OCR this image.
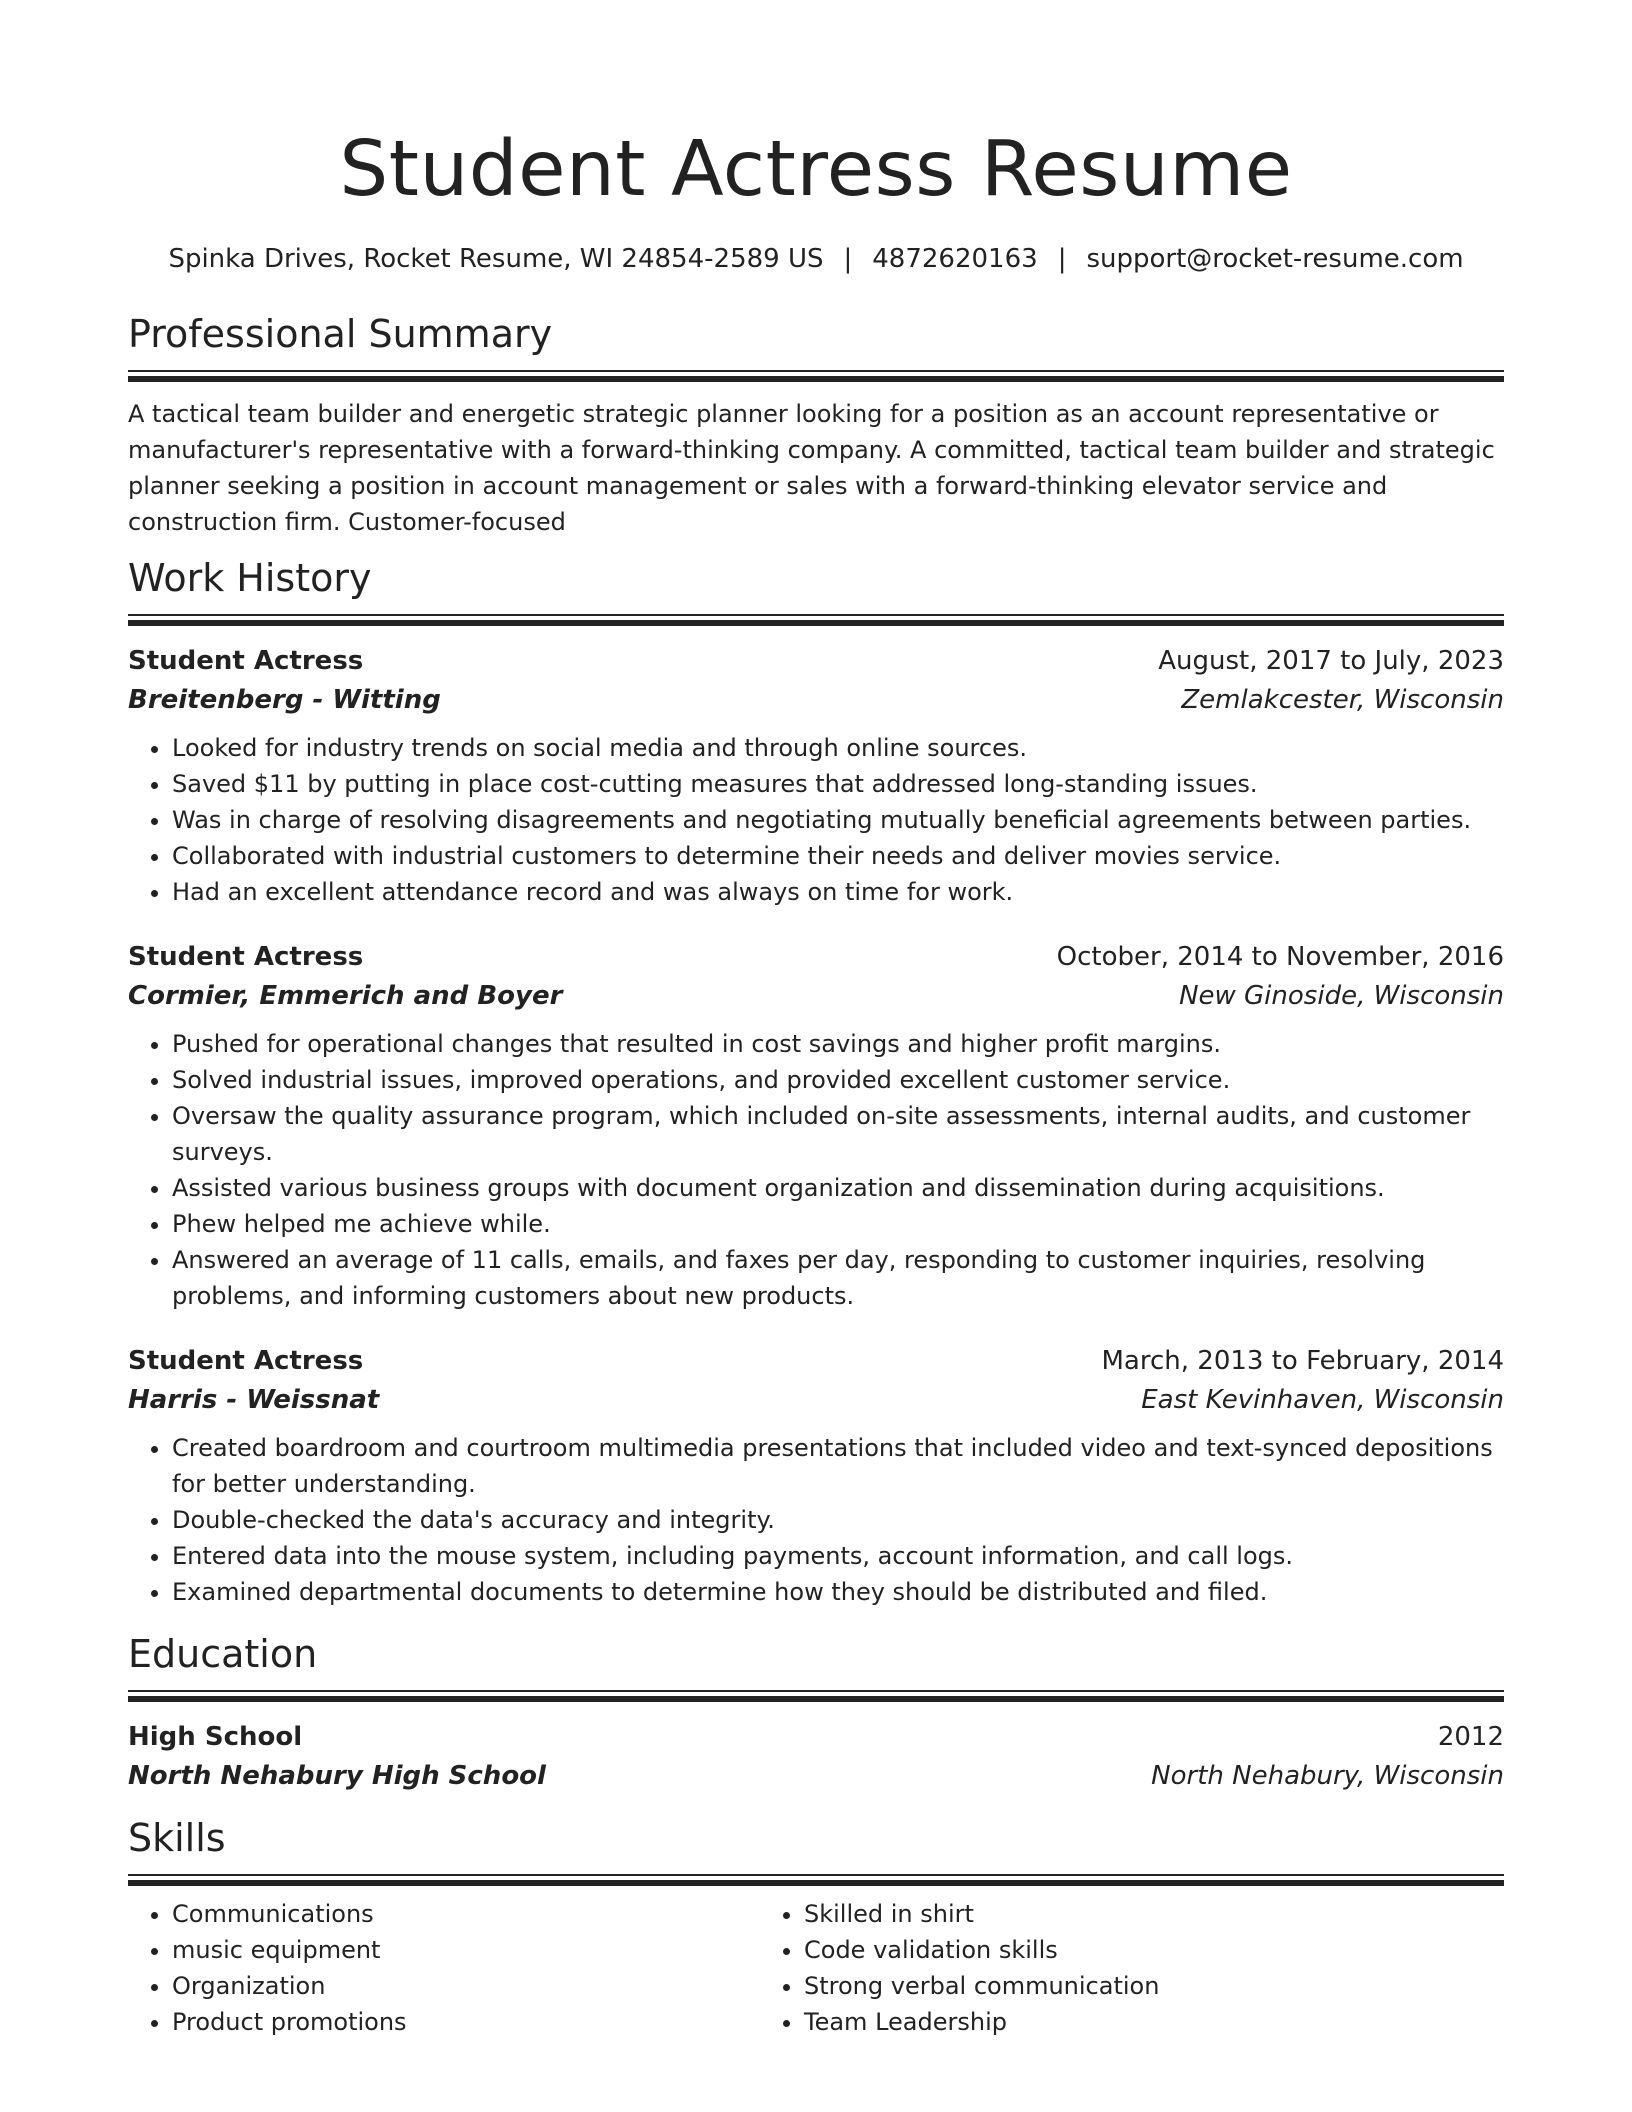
Student Actress Resume
Spinka Drives, Rocket Resume, WI 24854-2589 US | 4872620163 | support@rocket-resume.com
Professional Summary
A tactical team builder and energetic strategic planner looking for a position as an account representative or manufacturer's representative with a forward-thinking company. A committed, tactical team builder and strategic planner seeking a position in account management or sales with a forward-thinking elevator service and construction firm. Customer-focused
Work History
Student Actress	August, 2017 to July, 2023
Breitenberg - Witting	Zemlakcester, Wisconsin
• Looked for industry trends on social media and through online sources.
• Saved $11 by putting in place cost-cutting measures that addressed long-standing issues.
• Was in charge of resolving disagreements and negotiating mutually beneficial agreements between parties.
• Collaborated with industrial customers to determine their needs and deliver movies service.
• Had an excellent attendance record and was always on time for work.
Student Actress	October, 2014 to November, 2016
Cormier, Emmerich and Boyer	New Ginoside, Wisconsin
• Pushed for operational changes that resulted in cost savings and higher profit margins.
• Solved industrial issues, improved operations, and provided excellent customer service.
• Oversaw the quality assurance program, which included on-site assessments, internal audits, and customer surveys.
• Assisted various business groups with document organization and dissemination during acquisitions.
• Phew helped me achieve while.
• Answered an average of 11 calls, emails, and faxes per day, responding to customer inquiries, resolving problems, and informing customers about new products.
Student Actress	March, 2013 to February, 2014
Harris - Weissnat	East Kevinhaven, Wisconsin
• Created boardroom and courtroom multimedia presentations that included video and text-synced depositions for better understanding.
• Double-checked the data's accuracy and integrity.
• Entered data into the mouse system, including payments, account information, and call logs.
• Examined departmental documents to determine how they should be distributed and filed.
Education
High School	2012
North Nehabury High School	North Nehabury, Wisconsin
Skills
• Communications
• music equipment
• Organization
• Product promotions
• Skilled in shirt
• Code validation skills
• Strong verbal communication
• Team Leadership
